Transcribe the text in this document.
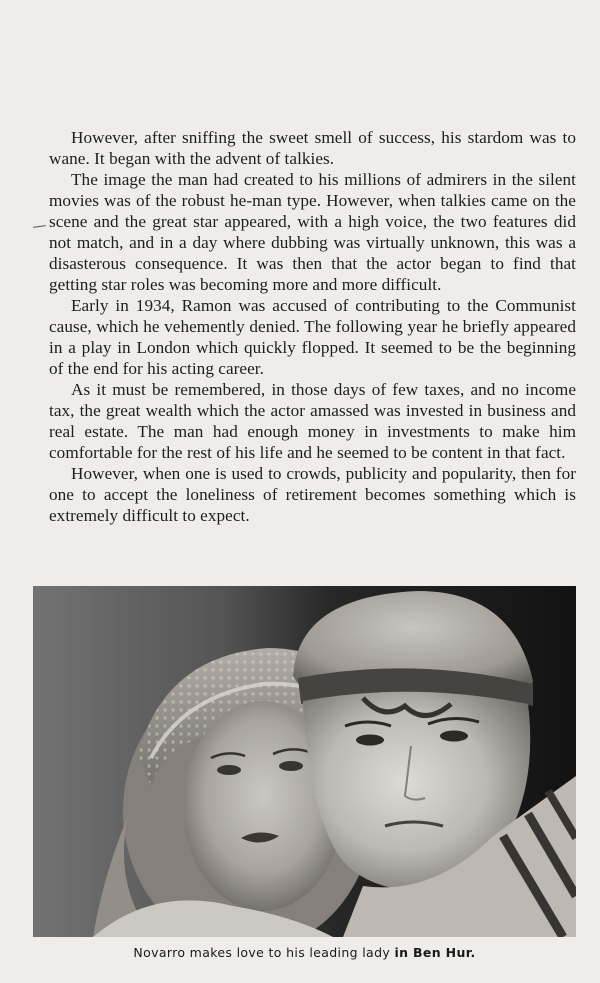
However, after sniffing the sweet smell of success, his stardom was to wane. It began with the advent of talkies.

The image the man had created to his millions of admirers in the silent movies was of the robust he-man type. However, when talkies came on the scene and the great star appeared, with a high voice, the two features did not match, and in a day where dubbing was virtually unknown, this was a disasterous consequence. It was then that the actor began to find that getting star roles was becoming more and more difficult.

Early in 1934, Ramon was accused of contributing to the Communist cause, which he vehemently denied. The following year he briefly appeared in a play in London which quickly flopped. It seemed to be the beginning of the end for his acting career.

As it must be remembered, in those days of few taxes, and no income tax, the great wealth which the actor amassed was invested in business and real estate. The man had enough money in investments to make him comfortable for the rest of his life and he seemed to be content in that fact.

However, when one is used to crowds, publicity and popularity, then for one to accept the loneliness of retirement becomes something which is extremely difficult to expect.

Novarro makes love to his leading lady in Ben Hur.
